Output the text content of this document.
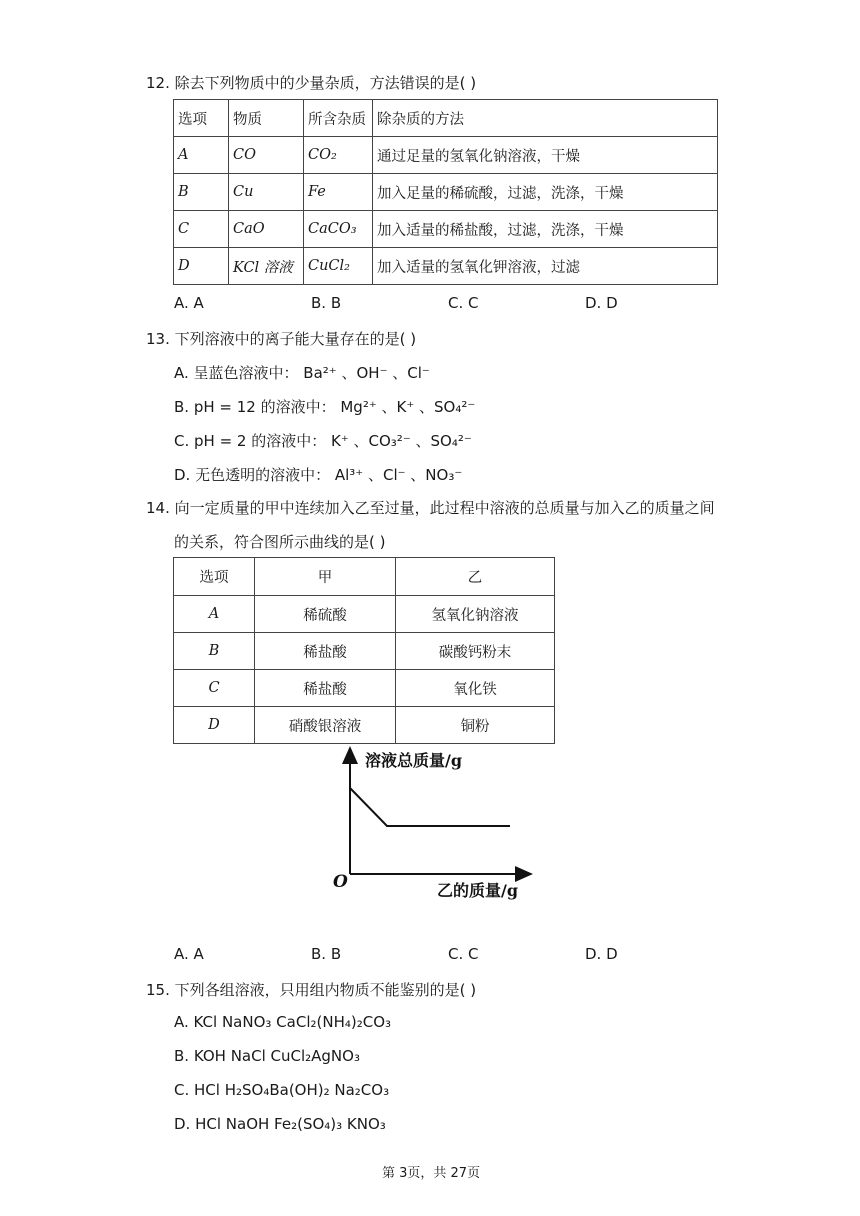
12. 除去下列物质中的少量杂质，方法错误的是( )
选项	物质	所含杂质	除杂质的方法
A	CO	CO₂	通过足量的氢氧化钠溶液，干燥
B	Cu	Fe	加入足量的稀硫酸，过滤，洗涤，干燥
C	CaO	CaCO₃	加入适量的稀盐酸，过滤，洗涤，干燥
D	KCl 溶液	CuCl₂	加入适量的氢氧化钾溶液，过滤
A. A	B. B	C. C	D. D
13. 下列溶液中的离子能大量存在的是( )
A. 呈蓝色溶液中： Ba²⁺ 、OH⁻ 、Cl⁻
B. pH = 12 的溶液中： Mg²⁺ 、K⁺ 、SO₄²⁻
C. pH = 2 的溶液中： K⁺ 、CO₃²⁻ 、SO₄²⁻
D. 无色透明的溶液中： Al³⁺ 、Cl⁻ 、NO₃⁻
14. 向一定质量的甲中连续加入乙至过量，此过程中溶液的总质量与加入乙的质量之间
的关系，符合图所示曲线的是( )
选项	甲	乙
A	稀硫酸	氢氧化钠溶液
B	稀盐酸	碳酸钙粉末
C	稀盐酸	氧化铁
D	硝酸银溶液	铜粉
溶液总质量/g
O	乙的质量/g
A. A	B. B	C. C	D. D
15. 下列各组溶液，只用组内物质不能鉴别的是( )
A. KCl NaNO₃ CaCl₂(NH₄)₂CO₃
B. KOH NaCl CuCl₂AgNO₃
C. HCl H₂SO₄Ba(OH)₂ Na₂CO₃
D. HCl NaOH Fe₂(SO₄)₃ KNO₃
第 3页，共 27页
